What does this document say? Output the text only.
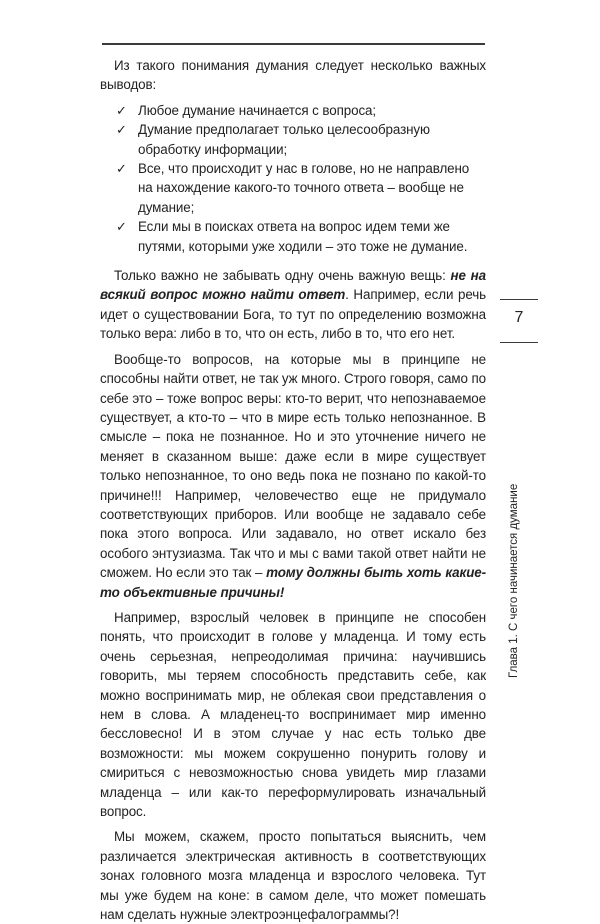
Из такого понимания думания следует несколько важных выводов:

✓ Любое думание начинается с вопроса;
✓ Думание предполагает только целесообразную обработку информации;
✓ Все, что происходит у нас в голове, но не направлено на нахождение какого-то точного ответа – вообще не думание;
✓ Если мы в поисках ответа на вопрос идем теми же путями, которыми уже ходили – это тоже не думание.

Только важно не забывать одну очень важную вещь: не на всякий вопрос можно найти ответ. Например, если речь идет о существовании Бога, то тут по определению возможна только вера: либо в то, что он есть, либо в то, что его нет.

Вообще-то вопросов, на которые мы в принципе не способны найти ответ, не так уж много. Строго говоря, само по себе это – тоже вопрос веры: кто-то верит, что непознаваемое существует, а кто-то – что в мире есть только непознанное. В смысле – пока не познанное. Но и это уточнение ничего не меняет в сказанном выше: даже если в мире существует только непознанное, то оно ведь пока не познано по какой-то причине!!! Например, человечество еще не придумало соответствующих приборов. Или вообще не задавало себе пока этого вопроса. Или задавало, но ответ искало без особого энтузиазма. Так что и мы с вами такой ответ найти не сможем. Но если это так – тому должны быть хоть какие-то объективные причины!

Например, взрослый человек в принципе не способен понять, что происходит в голове у младенца. И тому есть очень серьезная, непреодолимая причина: научившись говорить, мы теряем способность представить себе, как можно воспринимать мир, не облекая свои представления о нем в слова. А младенец-то воспринимает мир именно бессловесно! И в этом случае у нас есть только две возможности: мы можем сокрушенно понурить голову и смириться с невозможностью снова увидеть мир глазами младенца – или как-то переформулировать изначальный вопрос.

Мы можем, скажем, просто попытаться выяснить, чем различается электрическая активность в соответствующих зонах головного мозга младенца и взрослого человека. Тут мы уже будем на коне: в самом деле, что может помешать нам сделать нужные электроэнцефалограммы?!

7
Глава 1. С чего начинается думание
